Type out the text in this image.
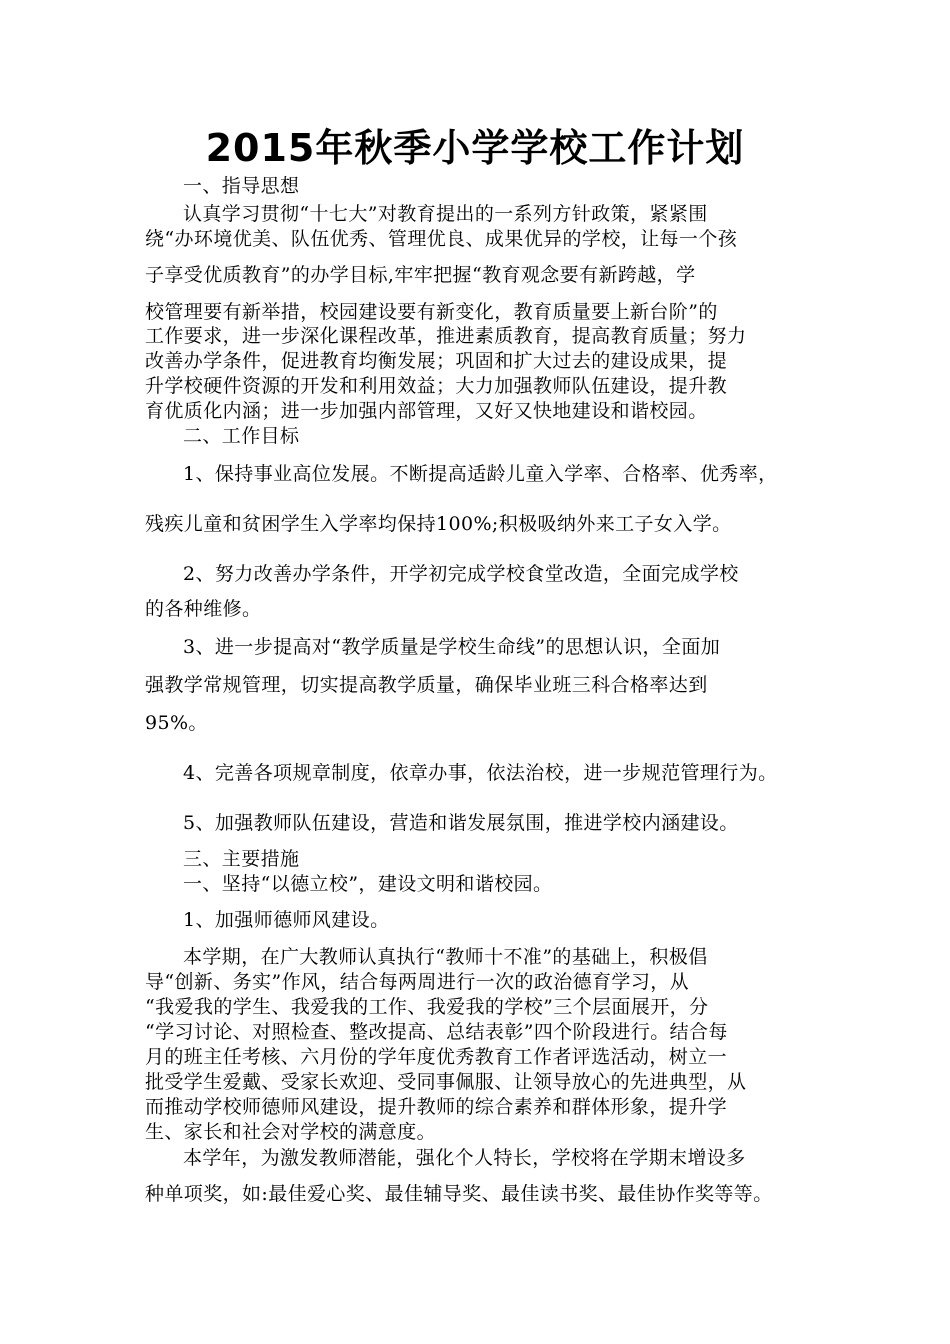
2015年秋季小学学校工作计划
一、指导思想
认真学习贯彻“十七大”对教育提出的一系列方针政策，紧紧围
绕“办环境优美、队伍优秀、管理优良、成果优异的学校，让每一个孩
子享受优质教育”的办学目标,牢牢把握“教育观念要有新跨越，学
校管理要有新举措，校园建设要有新变化，教育质量要上新台阶”的
工作要求，进一步深化课程改革，推进素质教育，提高教育质量；努力
改善办学条件，促进教育均衡发展；巩固和扩大过去的建设成果，提
升学校硬件资源的开发和利用效益；大力加强教师队伍建设，提升教
育优质化内涵；进一步加强内部管理，又好又快地建设和谐校园。
二、工作目标
1、保持事业高位发展。不断提高适龄儿童入学率、合格率、优秀率，
残疾儿童和贫困学生入学率均保持100%;积极吸纳外来工子女入学。
2、努力改善办学条件，开学初完成学校食堂改造，全面完成学校
的各种维修。
3、进一步提高对“教学质量是学校生命线”的思想认识，全面加
强教学常规管理，切实提高教学质量，确保毕业班三科合格率达到
95%。
4、完善各项规章制度，依章办事，依法治校，进一步规范管理行为。
5、加强教师队伍建设，营造和谐发展氛围，推进学校内涵建设。
三、主要措施
一、坚持“以德立校”，建设文明和谐校园。
1、加强师德师风建设。
本学期，在广大教师认真执行“教师十不准”的基础上，积极倡
导“创新、务实”作风，结合每两周进行一次的政治德育学习，从
“我爱我的学生、我爱我的工作、我爱我的学校”三个层面展开，分
“学习讨论、对照检查、整改提高、总结表彰”四个阶段进行。结合每
月的班主任考核、六月份的学年度优秀教育工作者评选活动，树立一
批受学生爱戴、受家长欢迎、受同事佩服、让领导放心的先进典型，从
而推动学校师德师风建设，提升教师的综合素养和群体形象，提升学
生、家长和社会对学校的满意度。
本学年，为激发教师潜能，强化个人特长，学校将在学期末增设多
种单项奖，如:最佳爱心奖、最佳辅导奖、最佳读书奖、最佳协作奖等等。
